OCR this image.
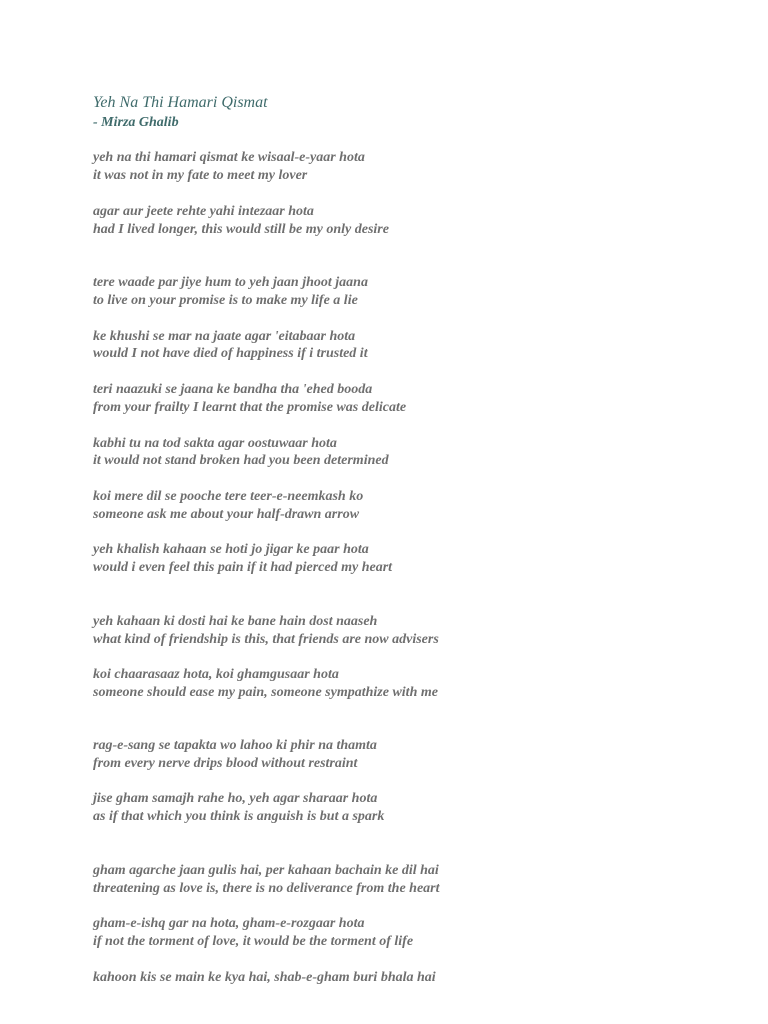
Yeh Na Thi Hamari Qismat
- Mirza Ghalib
yeh na thi hamari qismat ke wisaal-e-yaar hota
it was not in my fate to meet my lover
agar aur jeete rehte yahi intezaar hota
had I lived longer, this would still be my only desire
tere waade par jiye hum to yeh jaan jhoot jaana
to live on your promise is to make my life a lie
ke khushi se mar na jaate agar 'eitabaar hota
would I not have died of happiness if i trusted it
teri naazuki se jaana ke bandha tha 'ehed booda
from your frailty I learnt that the promise was delicate
kabhi tu na tod sakta agar oostuwaar hota
it would not stand broken had you been determined
koi mere dil se pooche tere teer-e-neemkash ko
someone ask me about your half-drawn arrow
yeh khalish kahaan se hoti jo jigar ke paar hota
would i even feel this pain if it had pierced my heart
yeh kahaan ki dosti hai ke bane hain dost naaseh
what kind of friendship is this, that friends are now advisers
koi chaarasaaz hota, koi ghamgusaar hota
someone should ease my pain, someone sympathize with me
rag-e-sang se tapakta wo lahoo ki phir na thamta
from every nerve drips blood without restraint
jise gham samajh rahe ho, yeh agar sharaar hota
as if that which you think is anguish is but a spark
gham agarche jaan gulis hai, per kahaan bachain ke dil hai
threatening as love is, there is no deliverance from the heart
gham-e-ishq gar na hota, gham-e-rozgaar hota
if not the torment of love, it would be the torment of life
kahoon kis se main ke kya hai, shab-e-gham buri bhala hai
